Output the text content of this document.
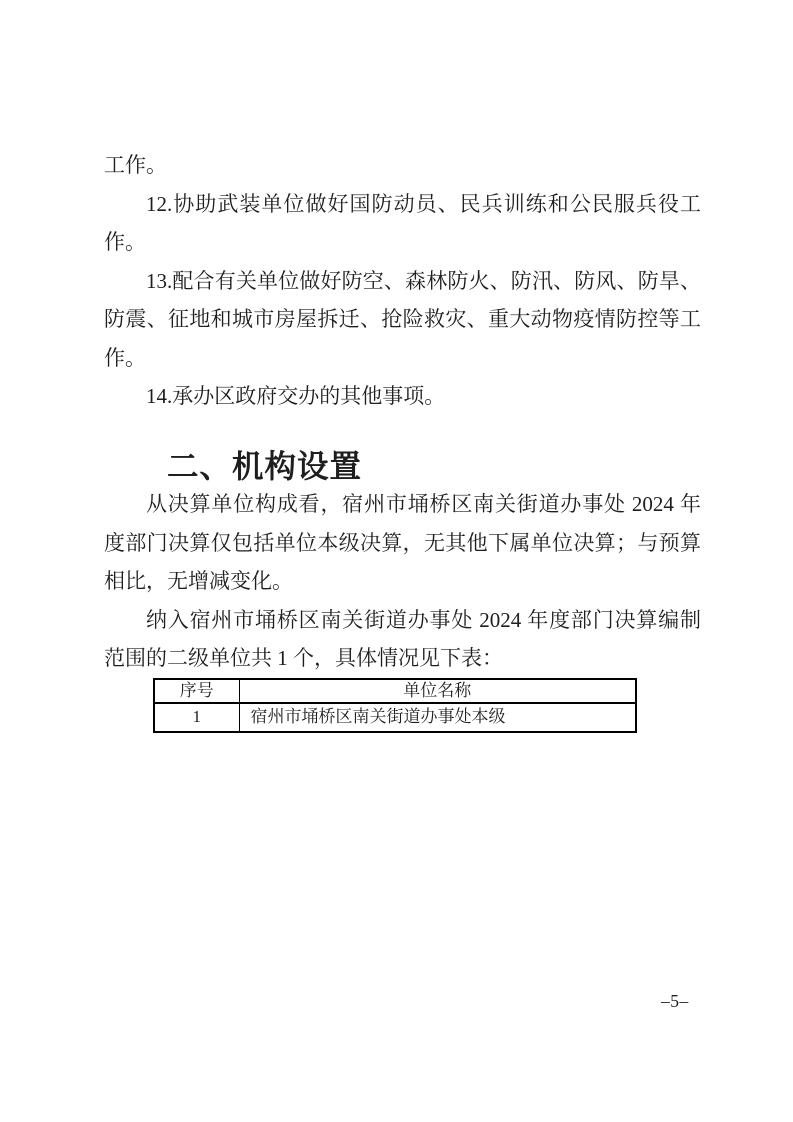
工作。

12.协助武装单位做好国防动员、民兵训练和公民服兵役工作。

13.配合有关单位做好防空、森林防火、防汛、防风、防旱、防震、征地和城市房屋拆迁、抢险救灾、重大动物疫情防控等工作。

14.承办区政府交办的其他事项。

二、机构设置

从决算单位构成看，宿州市埇桥区南关街道办事处 2024 年度部门决算仅包括单位本级决算，无其他下属单位决算；与预算相比，无增减变化。

纳入宿州市埇桥区南关街道办事处 2024 年度部门决算编制范围的二级单位共 1 个，具体情况见下表：

序号	单位名称
1	宿州市埇桥区南关街道办事处本级
–5–
